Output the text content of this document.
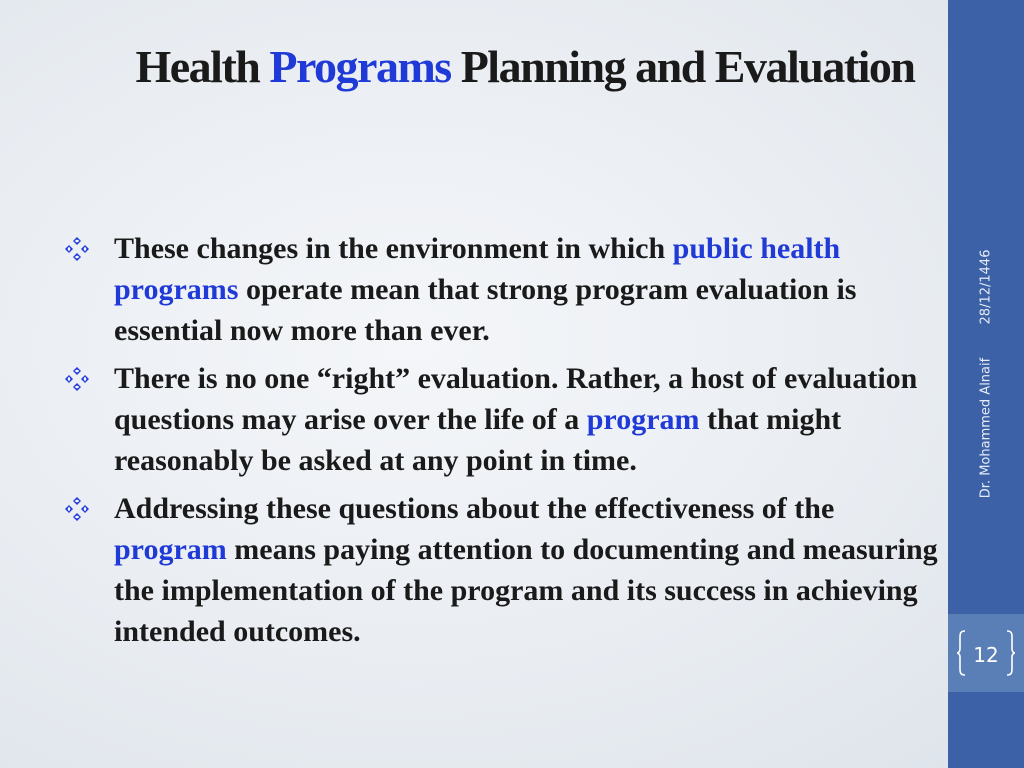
Health Programs Planning and Evaluation
These changes in the environment in which public health programs operate mean that strong program evaluation is essential now more than ever.
There is no one “right” evaluation. Rather, a host of evaluation questions may arise over the life of a program that might reasonably be asked at any point in time.
Addressing these questions about the effectiveness of the program means paying attention to documenting and measuring the implementation of the program and its success in achieving intended outcomes.
Dr. Mohammed Alnaif
28/12/1446
12
